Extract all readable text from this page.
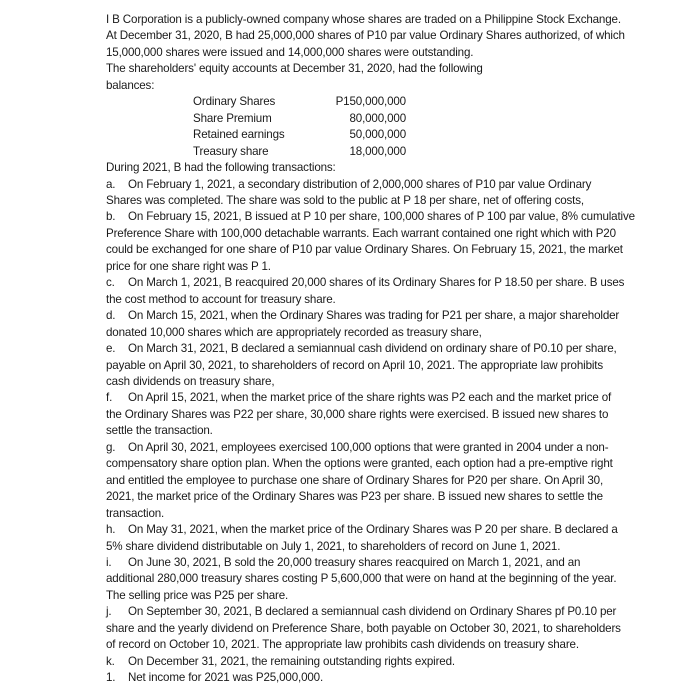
I B Corporation is a publicly-owned company whose shares are traded on a Philippine Stock Exchange.
At December 31, 2020, B had 25,000,000 shares of P10 par value Ordinary Shares authorized, of which
15,000,000 shares were issued and 14,000,000 shares were outstanding.
The shareholders' equity accounts at December 31, 2020, had the following
balances:
Ordinary Shares	P150,000,000
Share Premium	80,000,000
Retained earnings	50,000,000
Treasury share	18,000,000
During 2021, B had the following transactions:
a. On February 1, 2021, a secondary distribution of 2,000,000 shares of P10 par value Ordinary
Shares was completed. The share was sold to the public at P 18 per share, net of offering costs,
b. On February 15, 2021, B issued at P 10 per share, 100,000 shares of P 100 par value, 8% cumulative
Preference Share with 100,000 detachable warrants. Each warrant contained one right which with P20
could be exchanged for one share of P10 par value Ordinary Shares. On February 15, 2021, the market
price for one share right was P 1.
c. On March 1, 2021, B reacquired 20,000 shares of its Ordinary Shares for P 18.50 per share. B uses
the cost method to account for treasury share.
d. On March 15, 2021, when the Ordinary Shares was trading for P21 per share, a major shareholder
donated 10,000 shares which are appropriately recorded as treasury share,
e. On March 31, 2021, B declared a semiannual cash dividend on ordinary share of P0.10 per share,
payable on April 30, 2021, to shareholders of record on April 10, 2021. The appropriate law prohibits
cash dividends on treasury share,
f. On April 15, 2021, when the market price of the share rights was P2 each and the market price of
the Ordinary Shares was P22 per share, 30,000 share rights were exercised. B issued new shares to
settle the transaction.
g. On April 30, 2021, employees exercised 100,000 options that were granted in 2004 under a non-
compensatory share option plan. When the options were granted, each option had a pre-emptive right
and entitled the employee to purchase one share of Ordinary Shares for P20 per share. On April 30,
2021, the market price of the Ordinary Shares was P23 per share. B issued new shares to settle the
transaction.
h. On May 31, 2021, when the market price of the Ordinary Shares was P 20 per share. B declared a
5% share dividend distributable on July 1, 2021, to shareholders of record on June 1, 2021.
i. On June 30, 2021, B sold the 20,000 treasury shares reacquired on March 1, 2021, and an
additional 280,000 treasury shares costing P 5,600,000 that were on hand at the beginning of the year.
The selling price was P25 per share.
j. On September 30, 2021, B declared a semiannual cash dividend on Ordinary Shares pf P0.10 per
share and the yearly dividend on Preference Share, both payable on October 30, 2021, to shareholders
of record on October 10, 2021. The appropriate law prohibits cash dividends on treasury share.
k. On December 31, 2021, the remaining outstanding rights expired.
1. Net income for 2021 was P25,000,000.
